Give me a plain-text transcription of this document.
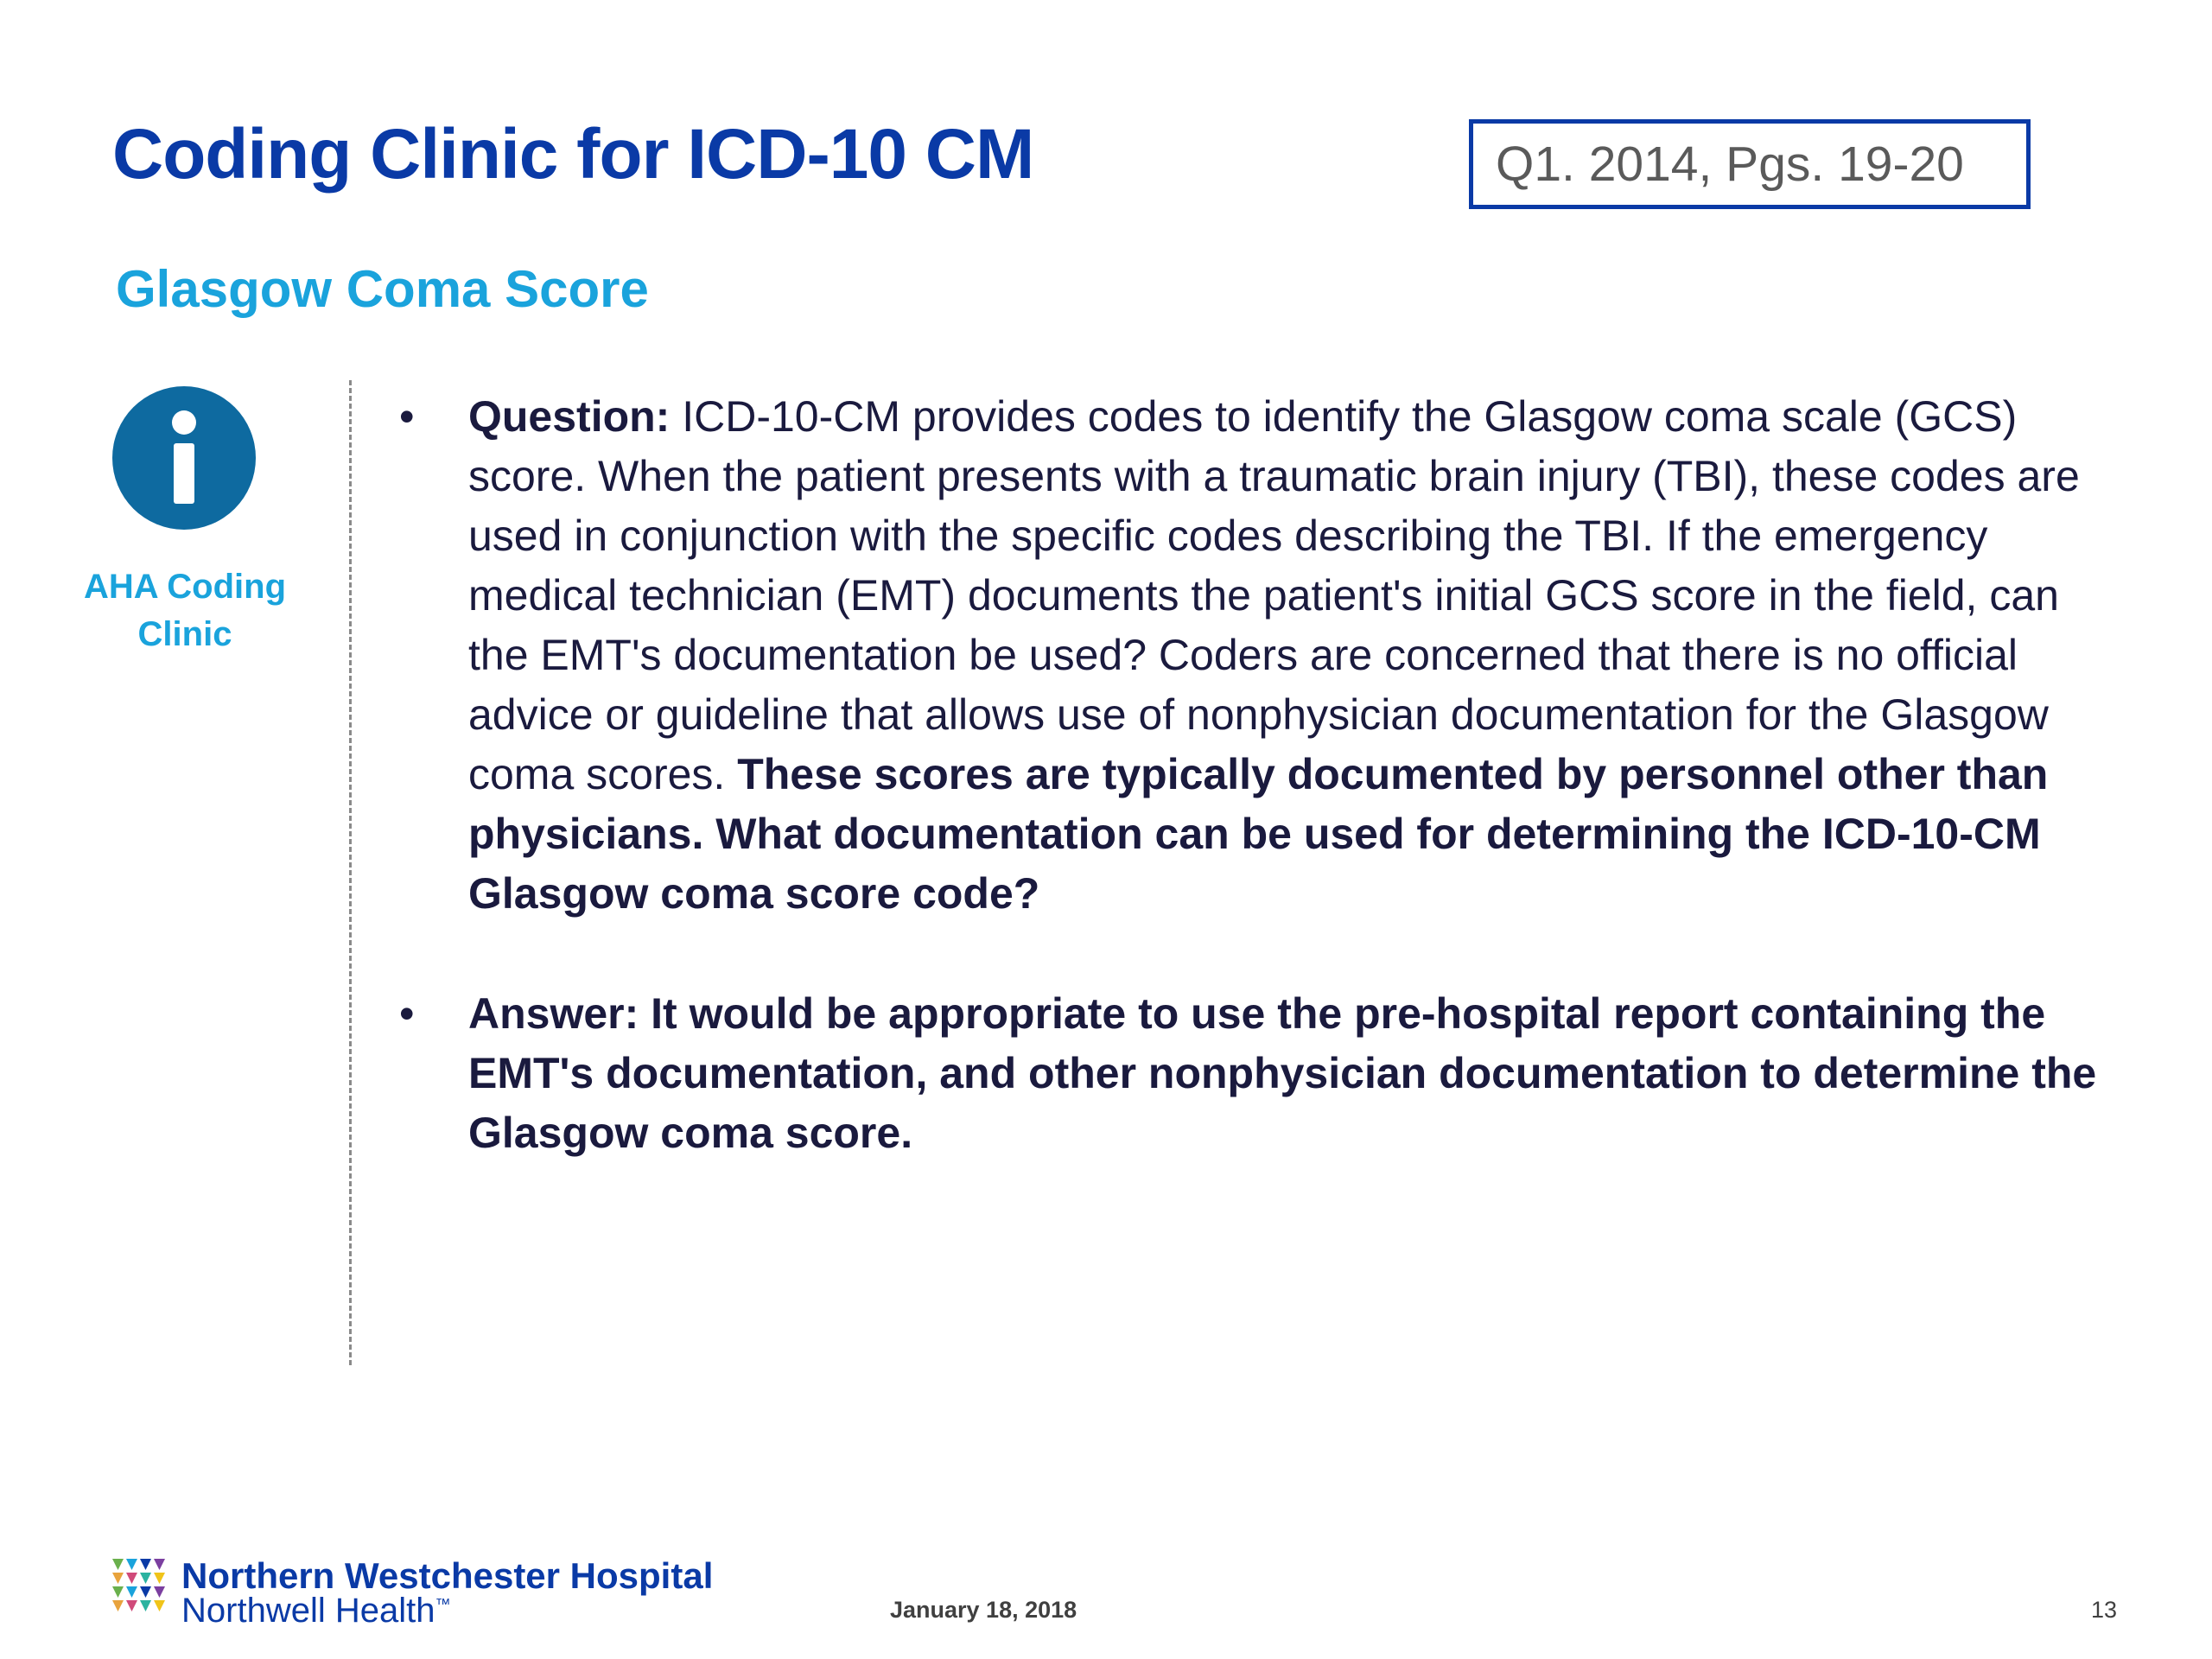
Coding Clinic for ICD-10 CM	Q1. 2014, Pgs. 19-20
Glasgow Coma Score
AHA Coding Clinic
• Question: ICD-10-CM provides codes to identify the Glasgow coma scale (GCS) score. When the patient presents with a traumatic brain injury (TBI), these codes are used in conjunction with the specific codes describing the TBI. If the emergency medical technician (EMT) documents the patient's initial GCS score in the field, can the EMT's documentation be used? Coders are concerned that there is no official advice or guideline that allows use of nonphysician documentation for the Glasgow coma scores. These scores are typically documented by personnel other than physicians. What documentation can be used for determining the ICD-10-CM Glasgow coma score code?
• Answer: It would be appropriate to use the pre-hospital report containing the EMT's documentation, and other nonphysician documentation to determine the Glasgow coma score.
Northern Westchester Hospital
Northwell Health™	January 18, 2018	13
